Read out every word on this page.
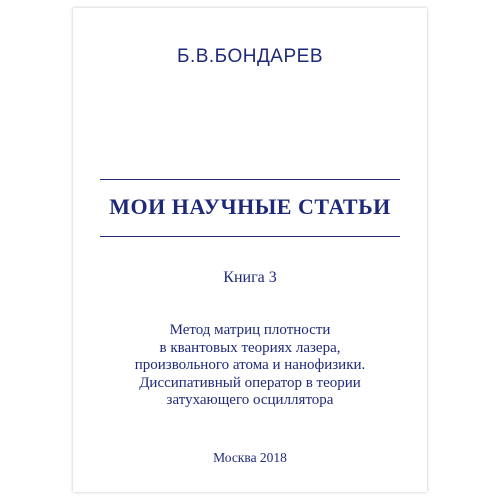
Б.В.БОНДАРЕВ
МОИ НАУЧНЫЕ СТАТЬИ
Книга 3
Метод матриц плотности
в квантовых теориях лазера,
произвольного атома и нанофизики.
Диссипативный оператор в теории
затухающего осциллятора
Москва 2018
